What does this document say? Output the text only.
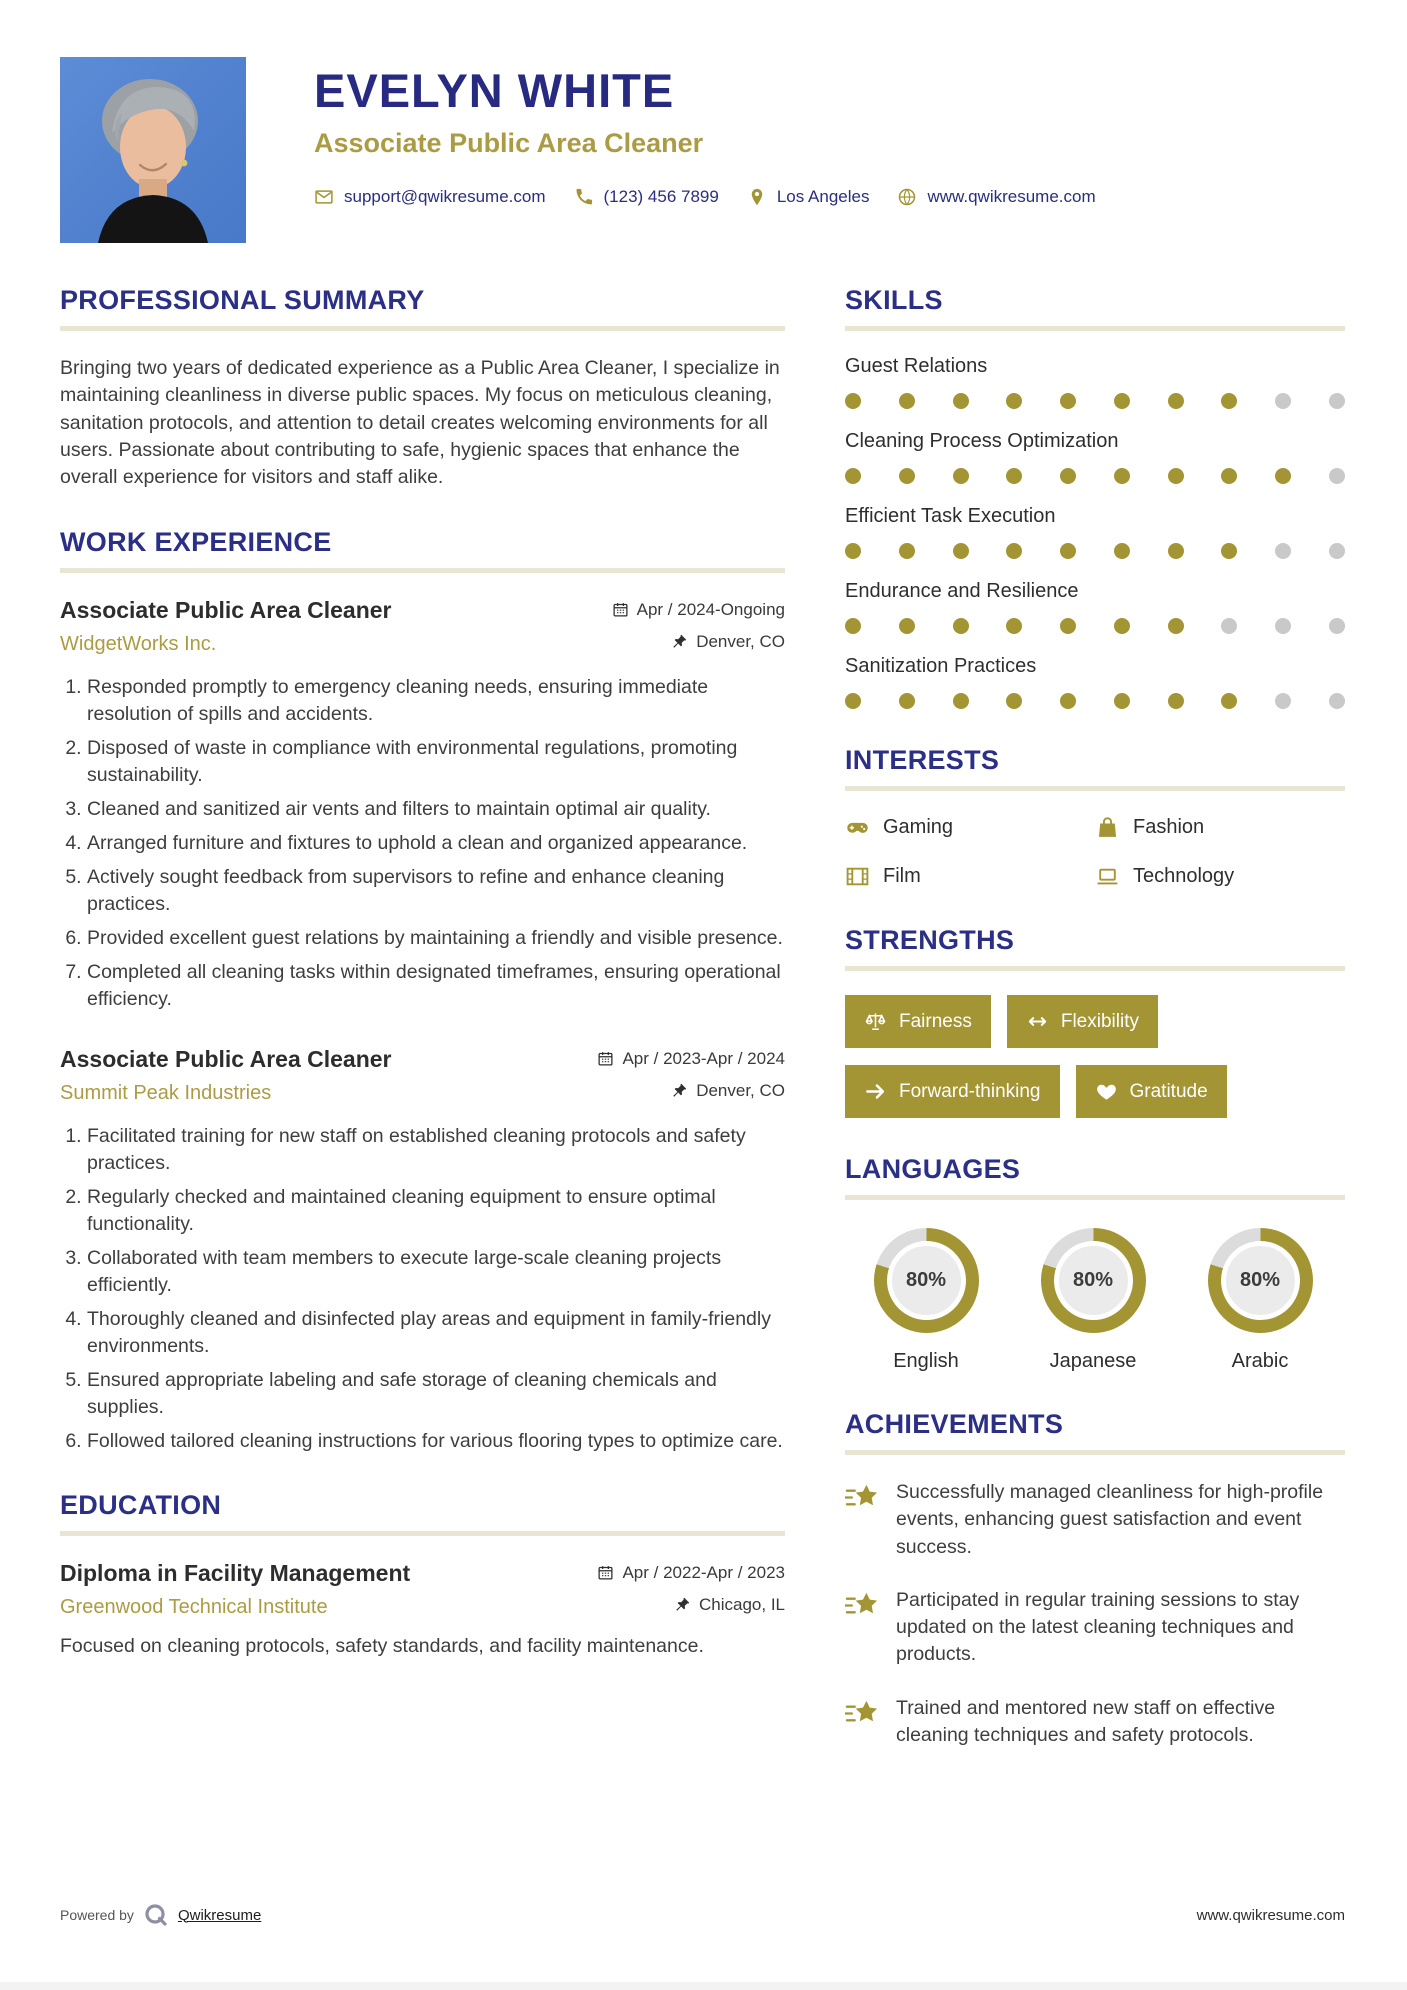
EVELYN WHITE
Associate Public Area Cleaner
support@qwikresume.com	(123) 456 7899	Los Angeles	www.qwikresume.com
PROFESSIONAL SUMMARY

Bringing two years of dedicated experience as a Public Area Cleaner, I specialize in maintaining cleanliness in diverse public spaces. My focus on meticulous cleaning, sanitation protocols, and attention to detail creates welcoming environments for all users. Passionate about contributing to safe, hygienic spaces that enhance the overall experience for visitors and staff alike.

WORK EXPERIENCE
Associate Public Area Cleaner	Apr / 2024-Ongoing
WidgetWorks Inc.	Denver, CO
1. Responded promptly to emergency cleaning needs, ensuring immediate resolution of spills and accidents.
2. Disposed of waste in compliance with environmental regulations, promoting sustainability.
3. Cleaned and sanitized air vents and filters to maintain optimal air quality.
4. Arranged furniture and fixtures to uphold a clean and organized appearance.
5. Actively sought feedback from supervisors to refine and enhance cleaning practices.
6. Provided excellent guest relations by maintaining a friendly and visible presence.
7. Completed all cleaning tasks within designated timeframes, ensuring operational efficiency.
Associate Public Area Cleaner	Apr / 2023-Apr / 2024
Summit Peak Industries	Denver, CO
1. Facilitated training for new staff on established cleaning protocols and safety practices.
2. Regularly checked and maintained cleaning equipment to ensure optimal functionality.
3. Collaborated with team members to execute large-scale cleaning projects efficiently.
4. Thoroughly cleaned and disinfected play areas and equipment in family-friendly environments.
5. Ensured appropriate labeling and safe storage of cleaning chemicals and supplies.
6. Followed tailored cleaning instructions for various flooring types to optimize care.
EDUCATION
Diploma in Facility Management	Apr / 2022-Apr / 2023
Greenwood Technical Institute	Chicago, IL

Focused on cleaning protocols, safety standards, and facility maintenance.

SKILLS
Guest Relations
Cleaning Process Optimization
Efficient Task Execution
Endurance and Resilience
Sanitization Practices
INTERESTS
Gaming	Fashion
Film	Technology
STRENGTHS
Fairness	Flexibility
Forward-thinking	Gratitude
LANGUAGES
80%
English
80%
Japanese
80%
Arabic
ACHIEVEMENTS

Successfully managed cleanliness for high-profile events, enhancing guest satisfaction and event success.

Participated in regular training sessions to stay updated on the latest cleaning techniques and products.

Trained and mentored new staff on effective cleaning techniques and safety protocols.

Powered by	Qwikresume	www.qwikresume.com
